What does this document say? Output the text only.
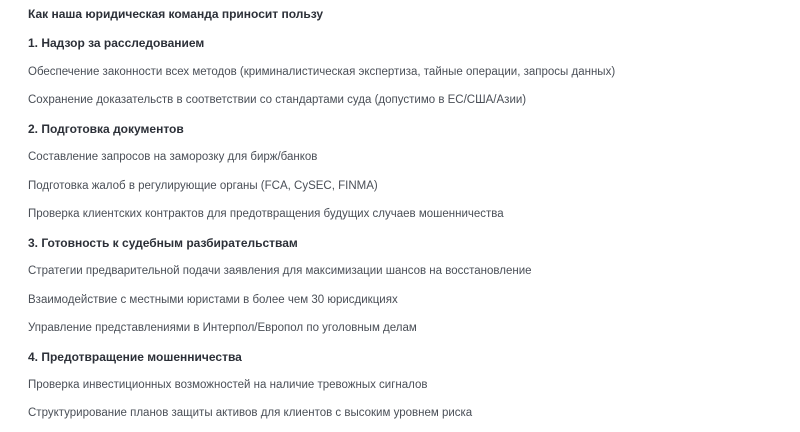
Как наша юридическая команда приносит пользу
1. Надзор за расследованием
Обеспечение законности всех методов (криминалистическая экспертиза, тайные операции, запросы данных)
Сохранение доказательств в соответствии со стандартами суда (допустимо в ЕС/США/Азии)
2. Подготовка документов
Составление запросов на заморозку для бирж/банков
Подготовка жалоб в регулирующие органы (FCA, CySEC, FINMA)
Проверка клиентских контрактов для предотвращения будущих случаев мошенничества
3. Готовность к судебным разбирательствам
Стратегии предварительной подачи заявления для максимизации шансов на восстановление
Взаимодействие с местными юристами в более чем 30 юрисдикциях
Управление представлениями в Интерпол/Европол по уголовным делам
4. Предотвращение мошенничества
Проверка инвестиционных возможностей на наличие тревожных сигналов
Структурирование планов защиты активов для клиентов с высоким уровнем риска
